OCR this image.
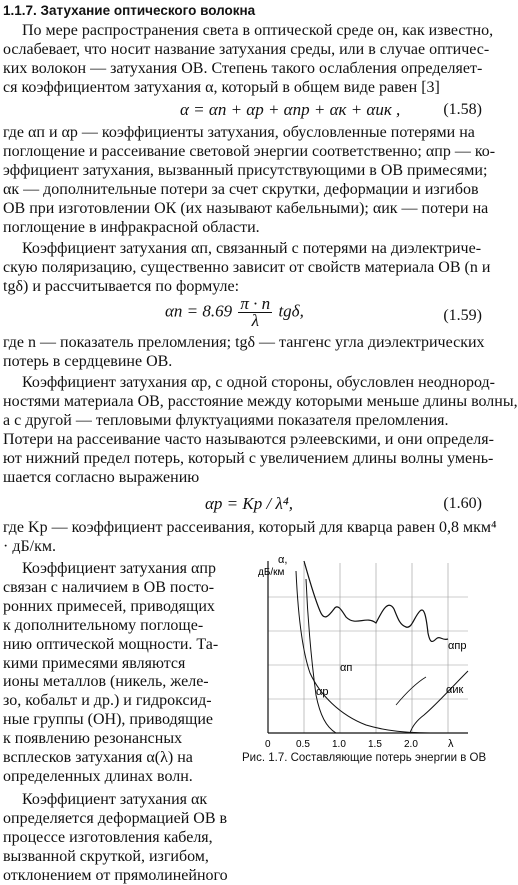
1.1.7. Затухание оптического волокна
По мере распространения света в оптической среде он, как известно,
ослабевает, что носит название затухания среды, или в случае оптичес-
ких волокон — затухания ОВ. Степень такого ослабления определяет-
ся коэффициентом затухания α, который в общем виде равен [3]
α = αп + αр + αпр + αк + αик ,	(1.58)
где αп и αр — коэффициенты затухания, обусловленные потерями на
поглощение и рассеивание световой энергии соответственно; αпр — ко-
эффициент затухания, вызванный присутствующими в ОВ примесями;
αк — дополнительные потери за счет скрутки, деформации и изгибов
ОВ при изготовлении ОК (их называют кабельными); αик — потери на
поглощение в инфракрасной области.
Коэффициент затухания αп, связанный с потерями на диэлектриче-
скую поляризацию, существенно зависит от свойств материала ОВ (n и
tgδ) и рассчитывается по формуле:
$\alpha п = 8.69 \frac{\pi \cdot n}{\lambda} tg\delta$,	(1.59)
где n — показатель преломления; tgδ — тангенс угла диэлектрических
потерь в сердцевине ОВ.
Коэффициент затухания αр, с одной стороны, обусловлен неоднород-
ностями материала ОВ, расстояние между которыми меньше длины волны,
а с другой — тепловыми флуктуациями показателя преломления.
Потери на рассеивание часто называются рэлеевскими, и они определя-
ют нижний предел потерь, который с увеличением длины волны умень-
шается согласно выражению
αр = Kр / λ⁴,	(1.60)
где Kр — коэффициент рассеивания, который для кварца равен 0,8 мкм⁴
· дБ/км.
Коэффициент затухания αпр
связан с наличием в ОВ посто-
ронних примесей, приводящих
к дополнительному поглоще-
нию оптической мощности. Та-
кими примесями являются
ионы металлов (никель, желе-
зо, кобальт и др.) и гидроксид-
ные группы (ОН), приводящие
к появлению резонансных
всплесков затухания α(λ) на
определенных длинах волн.
Коэффициент затухания αк
определяется деформацией ОВ в
процессе изготовления кабеля,
вызванной скруткой, изгибом,
отклонением от прямолинейного
α,
дБ/км
0	0.5 1.0 1.5 2.0	λ
αпр
αп
αр	αик
Рис. 1.7. Составляющие потерь энергии в ОВ
